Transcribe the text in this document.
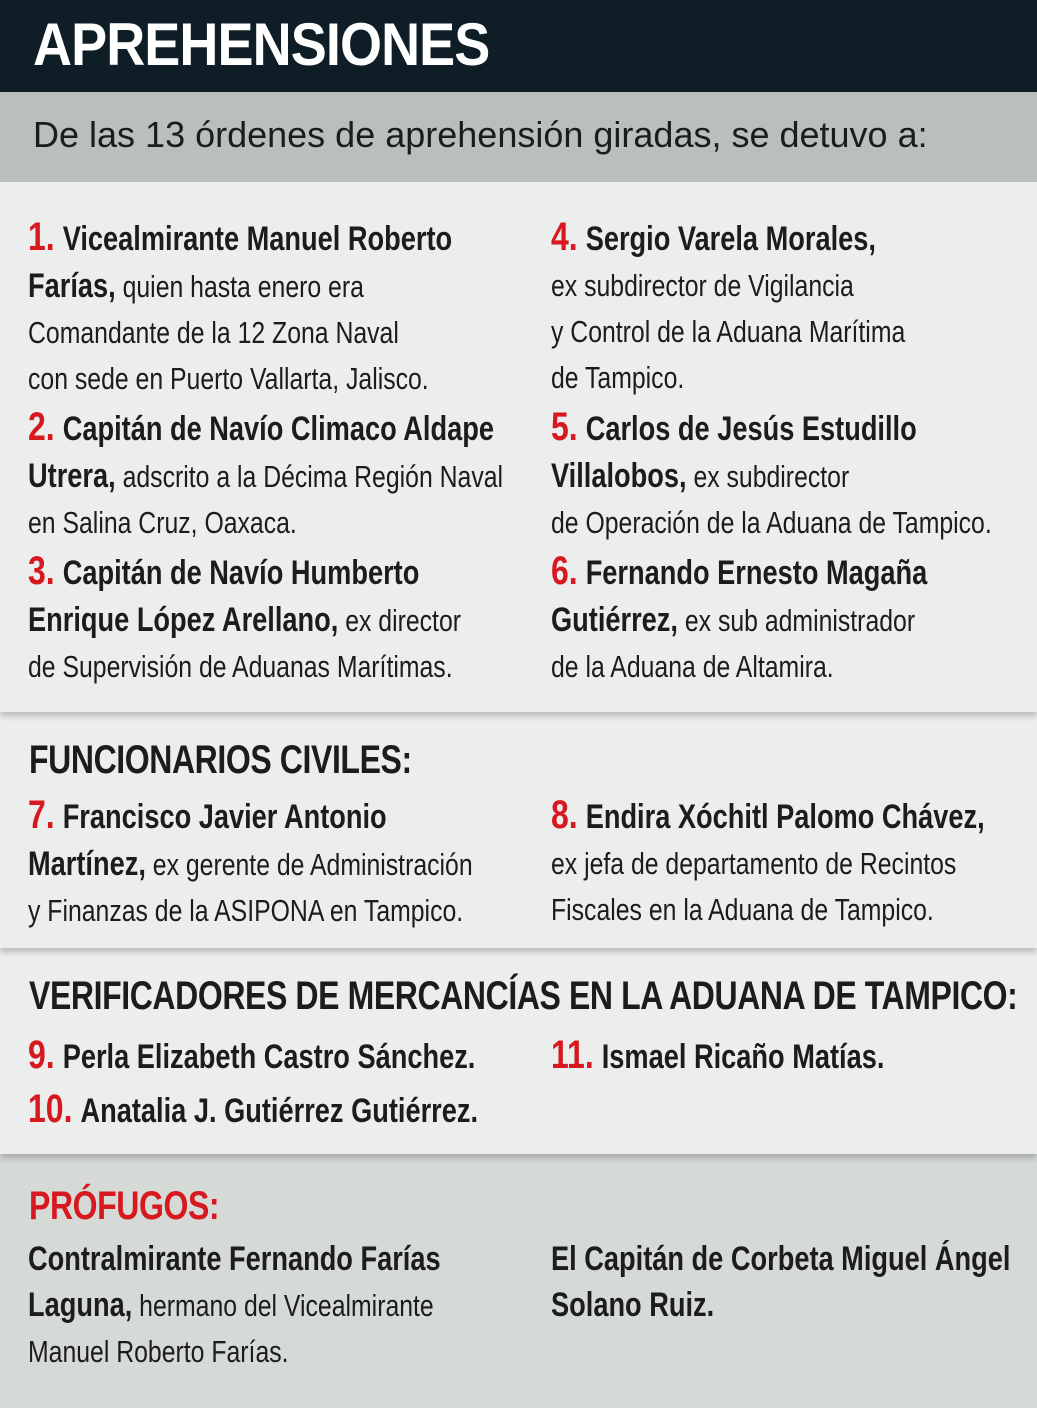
APREHENSIONES
De las 13 órdenes de aprehensión giradas, se detuvo a:
1. Vicealmirante Manuel Roberto
Farías, quien hasta enero era
Comandante de la 12 Zona Naval
con sede en Puerto Vallarta, Jalisco.
2. Capitán de Navío Climaco Aldape
Utrera, adscrito a la Décima Región Naval
en Salina Cruz, Oaxaca.
3. Capitán de Navío Humberto
Enrique López Arellano, ex director
de Supervisión de Aduanas Marítimas.
4. Sergio Varela Morales,
ex subdirector de Vigilancia
y Control de la Aduana Marítima
de Tampico.
5. Carlos de Jesús Estudillo
Villalobos, ex subdirector
de Operación de la Aduana de Tampico.
6. Fernando Ernesto Magaña
Gutiérrez, ex sub administrador
de la Aduana de Altamira.
FUNCIONARIOS CIVILES:
7. Francisco Javier Antonio
Martínez, ex gerente de Administración
y Finanzas de la ASIPONA en Tampico.
8. Endira Xóchitl Palomo Chávez,
ex jefa de departamento de Recintos
Fiscales en la Aduana de Tampico.
VERIFICADORES DE MERCANCÍAS EN LA ADUANA DE TAMPICO:
9. Perla Elizabeth Castro Sánchez.
10. Anatalia J. Gutiérrez Gutiérrez.
11. Ismael Ricaño Matías.
PRÓFUGOS:
Contralmirante Fernando Farías
Laguna, hermano del Vicealmirante
Manuel Roberto Farías.
El Capitán de Corbeta Miguel Ángel
Solano Ruiz.
